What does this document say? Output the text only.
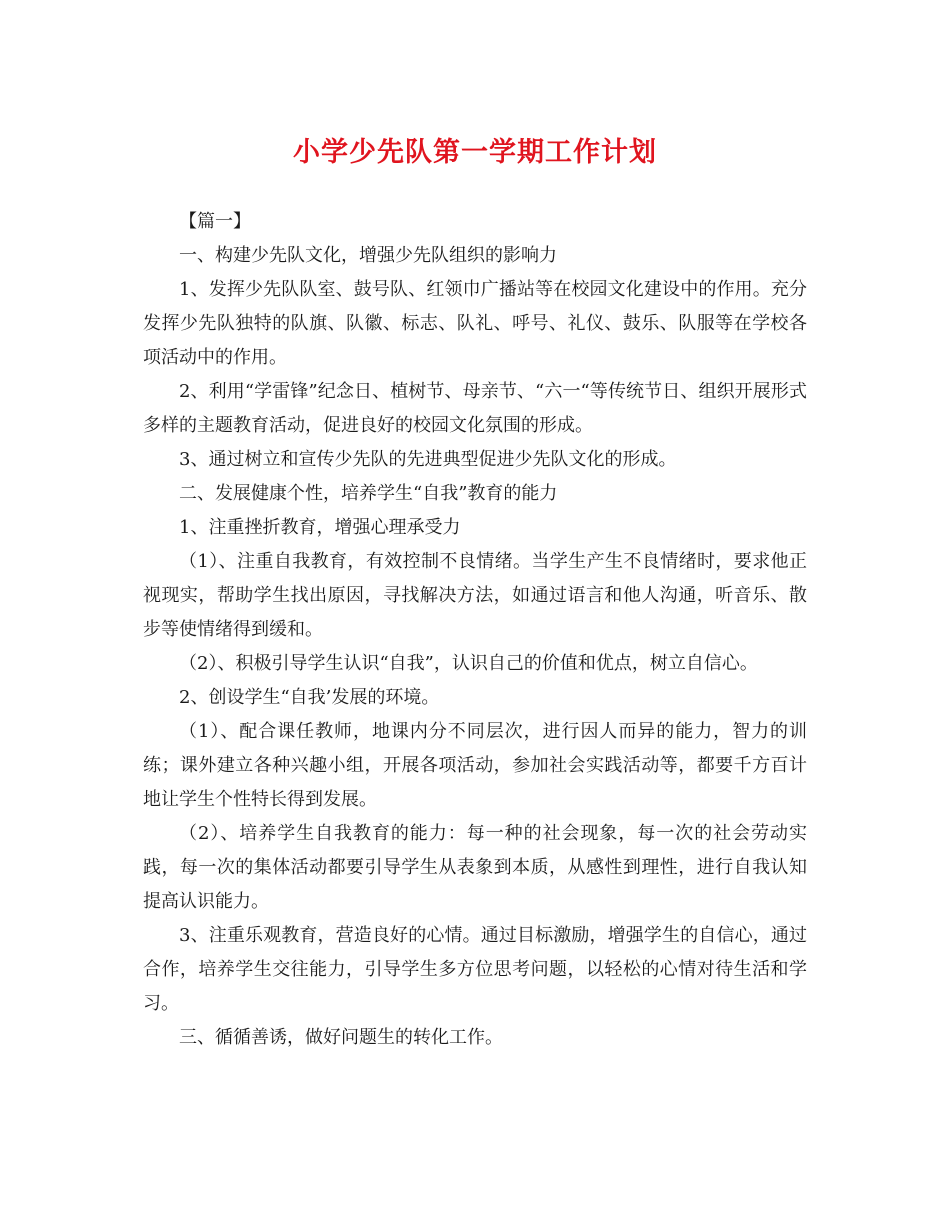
小学少先队第一学期工作计划

【篇一】

一、构建少先队文化，增强少先队组织的影响力

1、发挥少先队队室、鼓号队、红领巾广播站等在校园文化建设中的作用。充分发挥少先队独特的队旗、队徽、标志、队礼、呼号、礼仪、鼓乐、队服等在学校各项活动中的作用。

2、利用“学雷锋”纪念日、植树节、母亲节、“六一“等传统节日、组织开展形式多样的主题教育活动，促进良好的校园文化氛围的形成。

3、通过树立和宣传少先队的先进典型促进少先队文化的形成。

二、发展健康个性，培养学生“自我”教育的能力

1、注重挫折教育，增强心理承受力

（1）、注重自我教育，有效控制不良情绪。当学生产生不良情绪时，要求他正视现实，帮助学生找出原因，寻找解决方法，如通过语言和他人沟通，听音乐、散步等使情绪得到缓和。

（2）、积极引导学生认识“自我”，认识自己的价值和优点，树立自信心。

2、创设学生“自我’发展的环境。

（1）、配合课任教师，地课内分不同层次，进行因人而异的能力，智力的训练；课外建立各种兴趣小组，开展各项活动，参加社会实践活动等，都要千方百计地让学生个性特长得到发展。

（2）、培养学生自我教育的能力：每一种的社会现象，每一次的社会劳动实践，每一次的集体活动都要引导学生从表象到本质，从感性到理性，进行自我认知提高认识能力。

3、注重乐观教育，营造良好的心情。通过目标激励，增强学生的自信心，通过合作，培养学生交往能力，引导学生多方位思考问题，以轻松的心情对待生活和学习。

三、循循善诱，做好问题生的转化工作。
